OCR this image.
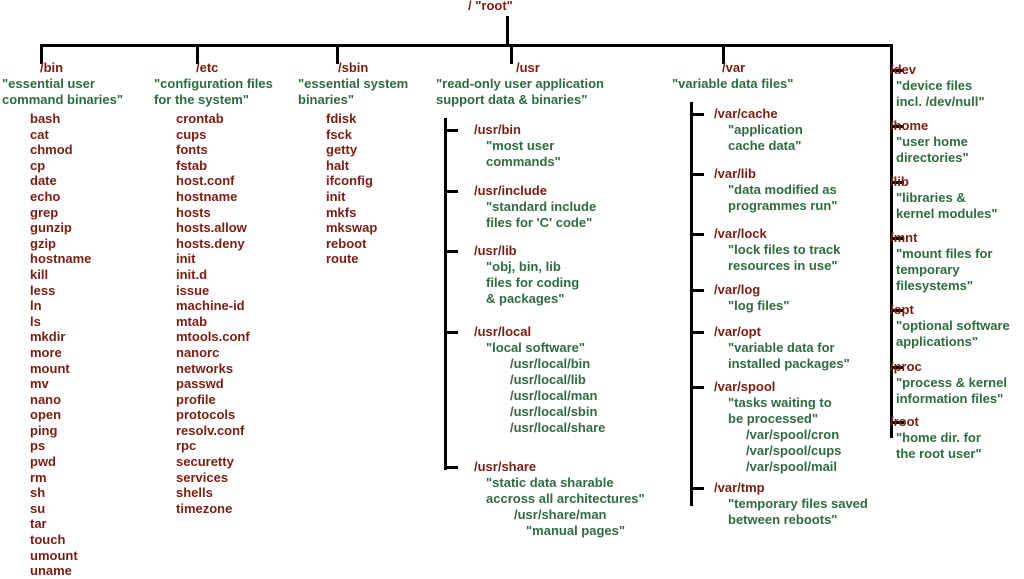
/ "root"
/bin
"essential user
command binaries"
bash
cat
chmod
cp
date
echo
grep
gunzip
gzip
hostname
kill
less
ln
ls
mkdir
more
mount
mv
nano
open
ping
ps
pwd
rm
sh
su
tar
touch
umount
uname
/etc
"configuration files
for the system"
crontab
cups
fonts
fstab
host.conf
hostname
hosts
hosts.allow
hosts.deny
init
init.d
issue
machine-id
mtab
mtools.conf
nanorc
networks
passwd
profile
protocols
resolv.conf
rpc
securetty
services
shells
timezone
/sbin
"essential system
binaries"
fdisk
fsck
getty
halt
ifconfig
init
mkfs
mkswap
reboot
route
/usr
"read-only user application
support data & binaries"
/usr/bin
"most user
commands"
/usr/include
"standard include
files for 'C' code"
/usr/lib
"obj, bin, lib
files for coding
& packages"
/usr/local
"local software"
/usr/local/bin
/usr/local/lib
/usr/local/man
/usr/local/sbin
/usr/local/share
/usr/share
"static data sharable
accross all architectures"
/usr/share/man
"manual pages"
/var
"variable data files"
/var/cache
"application
cache data"
/var/lib
"data modified as
programmes run"
/var/lock
"lock files to track
resources in use"
/var/log
"log files"
/var/opt
"variable data for
installed packages"
/var/spool
"tasks waiting to
be processed"
/var/spool/cron
/var/spool/cups
/var/spool/mail
/var/tmp
"temporary files saved
between reboots"
/dev
"device files
incl. /dev/null"
/home
"user home
directories"
/lib
"libraries &
kernel modules"
/mnt
"mount files for
temporary
filesystems"
/opt
"optional software
applications"
/proc
"process & kernel
information files"
/root
"home dir. for
the root user"
